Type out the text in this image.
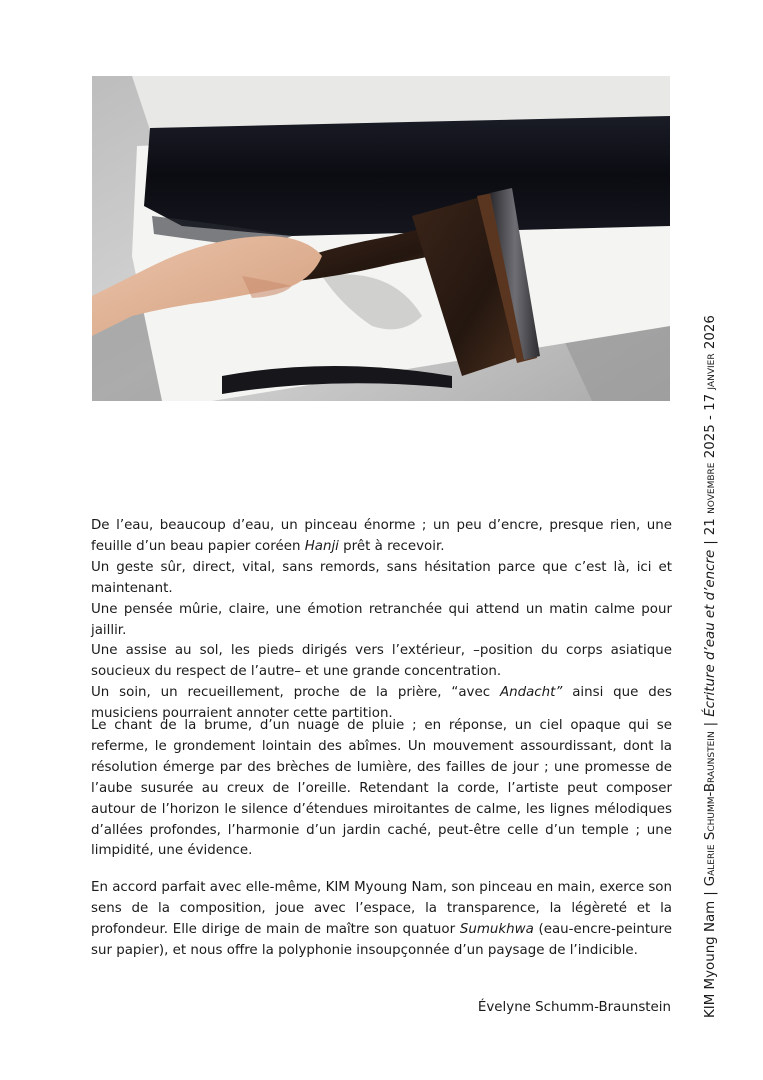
De l’eau, beaucoup d’eau, un pinceau énorme ; un peu d’encre, presque rien, une feuille d’un beau papier coréen Hanji prêt à recevoir.

Un geste sûr, direct, vital, sans remords, sans hésitation parce que c’est là, ici et maintenant.

Une pensée mûrie, claire, une émotion retranchée qui attend un matin calme pour jaillir.

Une assise au sol, les pieds dirigés vers l’extérieur, –position du corps asiatique soucieux du respect de l’autre– et une grande concentration.

Un soin, un recueillement, proche de la prière, “avec Andacht” ainsi que des musiciens pourraient annoter cette partition.

Le chant de la brume, d’un nuage de pluie ; en réponse, un ciel opaque qui se referme, le grondement lointain des abîmes. Un mouvement assourdissant, dont la résolution émerge par des brèches de lumière, des failles de jour ; une promesse de l’aube susurée au creux de l’oreille. Retendant la corde, l’artiste peut composer autour de l’horizon le silence d’étendues miroitantes de calme, les lignes mélodiques d’allées profondes, l’harmonie d’un jardin caché, peut-être celle d’un temple ; une limpidité, une évidence.

En accord parfait avec elle-même, KIM Myoung Nam, son pinceau en main, exerce son sens de la composition, joue avec l’espace, la transparence, la légèreté et la profondeur. Elle dirige de main de maître son quatuor Sumukhwa (eau-encre-peinture sur papier), et nous offre la polyphonie insoupçonnée d’un paysage de l’indicible.

Évelyne Schumm-Braunstein KIM Myoung Nam|Galerie Schumm-Braunstein|Écriture d’eau et d’encre|21 novembre 2025 - 17 janvier 2026
